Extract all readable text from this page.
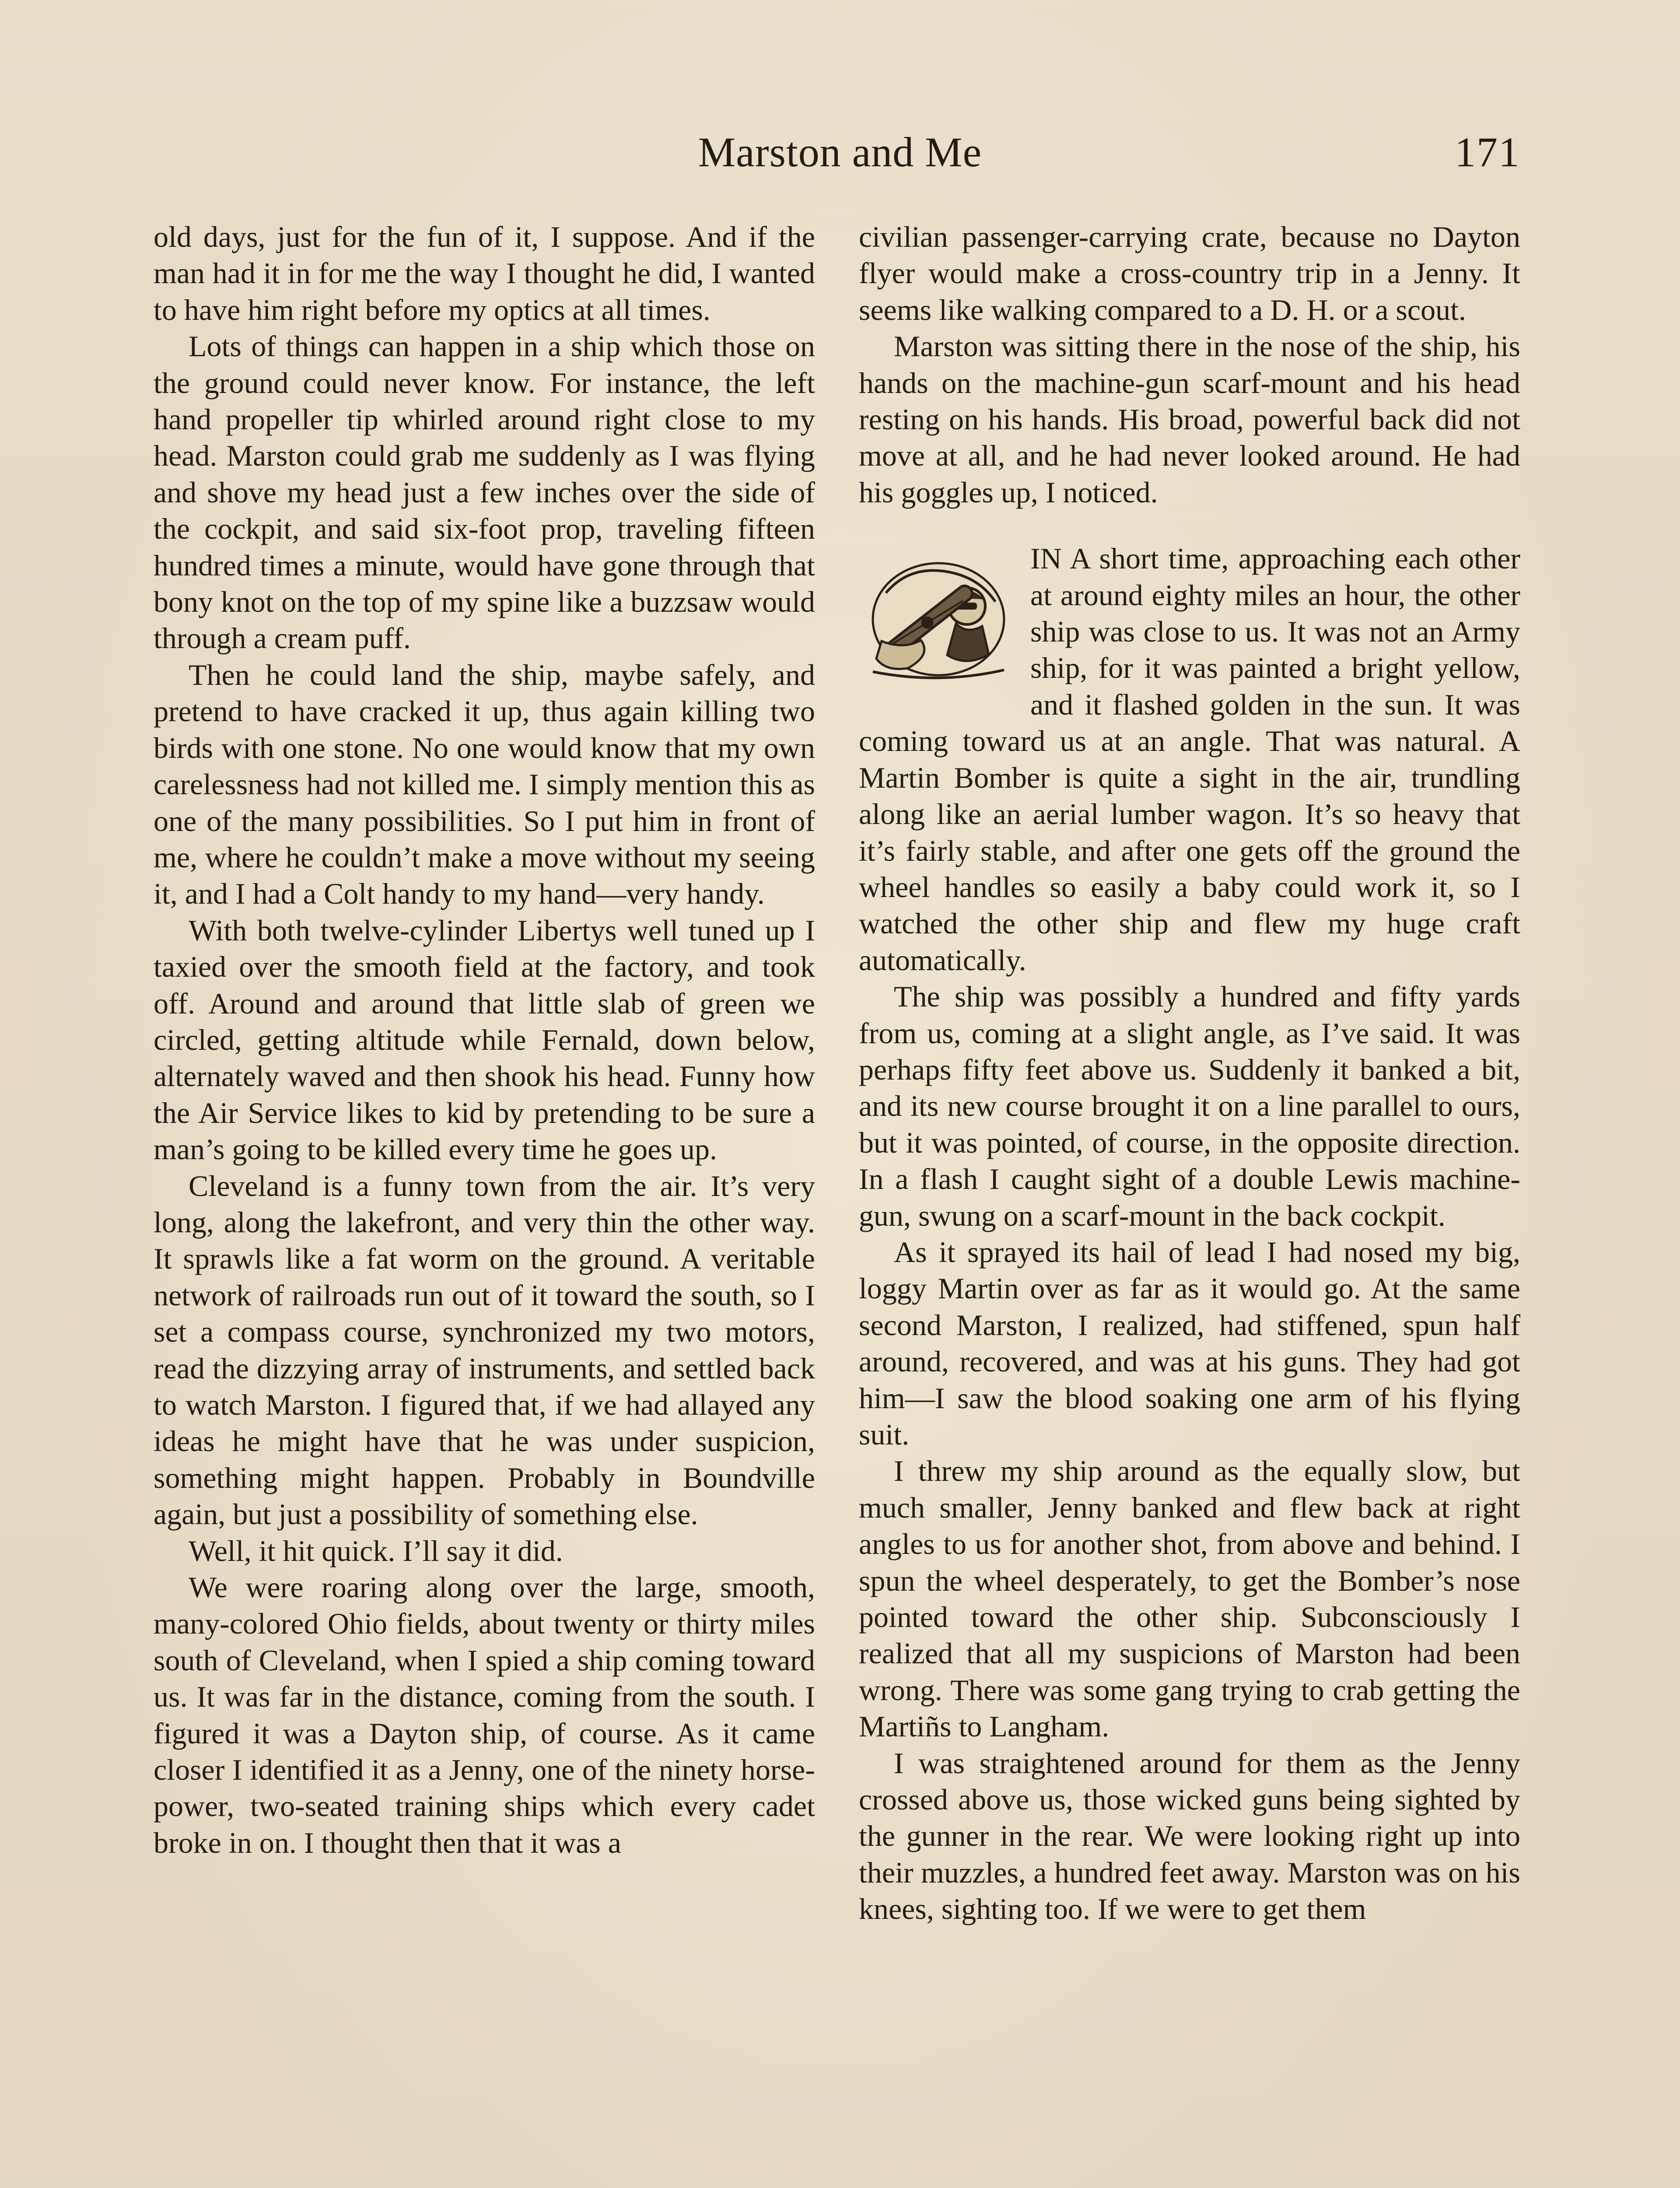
Marston and Me	171

old days, just for the fun of it, I suppose. And if the man had it in for me the way I thought he did, I wanted to have him right before my optics at all times.

Lots of things can happen in a ship which those on the ground could never know. For instance, the left hand propeller tip whirled around right close to my head. Marston could grab me suddenly as I was flying and shove my head just a few inches over the side of the cockpit, and said six-foot prop, traveling fifteen hundred times a minute, would have gone through that bony knot on the top of my spine like a buzzsaw would through a cream puff.

Then he could land the ship, maybe safely, and pretend to have cracked it up, thus again killing two birds with one stone. No one would know that my own carelessness had not killed me. I simply mention this as one of the many possibilities. So I put him in front of me, where he couldn’t make a move without my seeing it, and I had a Colt handy to my hand—very handy.

With both twelve-cylinder Libertys well tuned up I taxied over the smooth field at the factory, and took off. Around and around that little slab of green we circled, getting altitude while Fernald, down below, alternately waved and then shook his head. Funny how the Air Service likes to kid by pretending to be sure a man’s going to be killed every time he goes up.

Cleveland is a funny town from the air. It’s very long, along the lakefront, and very thin the other way. It sprawls like a fat worm on the ground. A veritable network of railroads run out of it toward the south, so I set a compass course, synchronized my two motors, read the dizzying array of instruments, and settled back to watch Marston. I figured that, if we had allayed any ideas he might have that he was under suspicion, something might happen. Probably in Boundville again, but just a possibility of something else.

Well, it hit quick. I’ll say it did.

We were roaring along over the large, smooth, many-colored Ohio fields, about twenty or thirty miles south of Cleveland, when I spied a ship coming toward us. It was far in the distance, coming from the south. I figured it was a Dayton ship, of course. As it came closer I identified it as a Jenny, one of the ninety horse-power, two-seated training ships which every cadet broke in on. I thought then that it was a

civilian passenger-carrying crate, because no Dayton flyer would make a cross-country trip in a Jenny. It seems like walking compared to a D. H. or a scout.

Marston was sitting there in the nose of the ship, his hands on the machine-gun scarf-mount and his head resting on his hands. His broad, powerful back did not move at all, and he had never looked around. He had his goggles up, I noticed.

IN A short time, approaching each other at around eighty miles an hour, the other ship was close to us. It was not an Army ship, for it was painted a bright yellow, and it flashed golden in the sun. It was coming toward us at an angle. That was natural. A Martin Bomber is quite a sight in the air, trundling along like an aerial lumber wagon. It’s so heavy that it’s fairly stable, and after one gets off the ground the wheel handles so easily a baby could work it, so I watched the other ship and flew my huge craft automatically.

The ship was possibly a hundred and fifty yards from us, coming at a slight angle, as I’ve said. It was perhaps fifty feet above us. Suddenly it banked a bit, and its new course brought it on a line parallel to ours, but it was pointed, of course, in the opposite direction. In a flash I caught sight of a double Lewis machine-gun, swung on a scarf-mount in the back cockpit.

As it sprayed its hail of lead I had nosed my big, loggy Martin over as far as it would go. At the same second Marston, I realized, had stiffened, spun half around, recovered, and was at his guns. They had got him—I saw the blood soaking one arm of his flying suit.

I threw my ship around as the equally slow, but much smaller, Jenny banked and flew back at right angles to us for another shot, from above and behind. I spun the wheel desperately, to get the Bomber’s nose pointed toward the other ship. Subconsciously I realized that all my suspicions of Marston had been wrong. There was some gang trying to crab getting the Martiñs to Langham.

I was straightened around for them as the Jenny crossed above us, those wicked guns being sighted by the gunner in the rear. We were looking right up into their muzzles, a hundred feet away. Marston was on his knees, sighting too. If we were to get them
